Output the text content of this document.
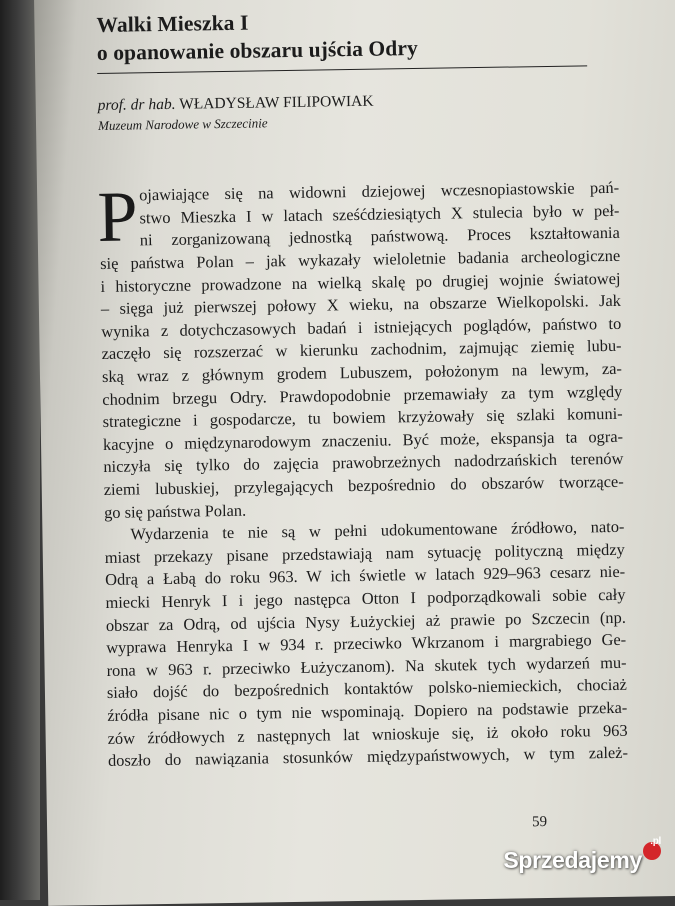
Walki Mieszka I
o opanowanie obszaru ujścia Odry
prof. dr hab. WŁADYSŁAW FILIPOWIAK
Muzeum Narodowe w Szczecinie
P ojawiające się na widowni dziejowej wczesnopiastowskie pań-
stwo Mieszka I w latach sześćdziesiątych X stulecia było w peł-
ni zorganizowaną jednostką państwową. Proces kształtowania
się państwa Polan – jak wykazały wieloletnie badania archeologiczne
i historyczne prowadzone na wielką skalę po drugiej wojnie światowej
– sięga już pierwszej połowy X wieku, na obszarze Wielkopolski. Jak
wynika z dotychczasowych badań i istniejących poglądów, państwo to
zaczęło się rozszerzać w kierunku zachodnim, zajmując ziemię lubu-
ską wraz z głównym grodem Lubuszem, położonym na lewym, za-
chodnim brzegu Odry. Prawdopodobnie przemawiały za tym względy
strategiczne i gospodarcze, tu bowiem krzyżowały się szlaki komuni-
kacyjne o międzynarodowym znaczeniu. Być może, ekspansja ta ogra-
niczyła się tylko do zajęcia prawobrzeżnych nadodrzańskich terenów
ziemi lubuskiej, przylegających bezpośrednio do obszarów tworzące-
go się państwa Polan.
Wydarzenia te nie są w pełni udokumentowane źródłowo, nato-
miast przekazy pisane przedstawiają nam sytuację polityczną między
Odrą a Łabą do roku 963. W ich świetle w latach 929–963 cesarz nie-
miecki Henryk I i jego następca Otton I podporządkowali sobie cały
obszar za Odrą, od ujścia Nysy Łużyckiej aż prawie po Szczecin (np.
wyprawa Henryka I w 934 r. przeciwko Wkrzanom i margrabiego Ge-
rona w 963 r. przeciwko Łużyczanom). Na skutek tych wydarzeń mu-
siało dojść do bezpośrednich kontaktów polsko-niemieckich, chociaż
źródła pisane nic o tym nie wspominają. Dopiero na podstawie przeka-
zów źródłowych z następnych lat wnioskuje się, iż około roku 963
doszło do nawiązania stosunków międzypaństwowych, w tym zależ-
59
Sprzedajemy
.pl
